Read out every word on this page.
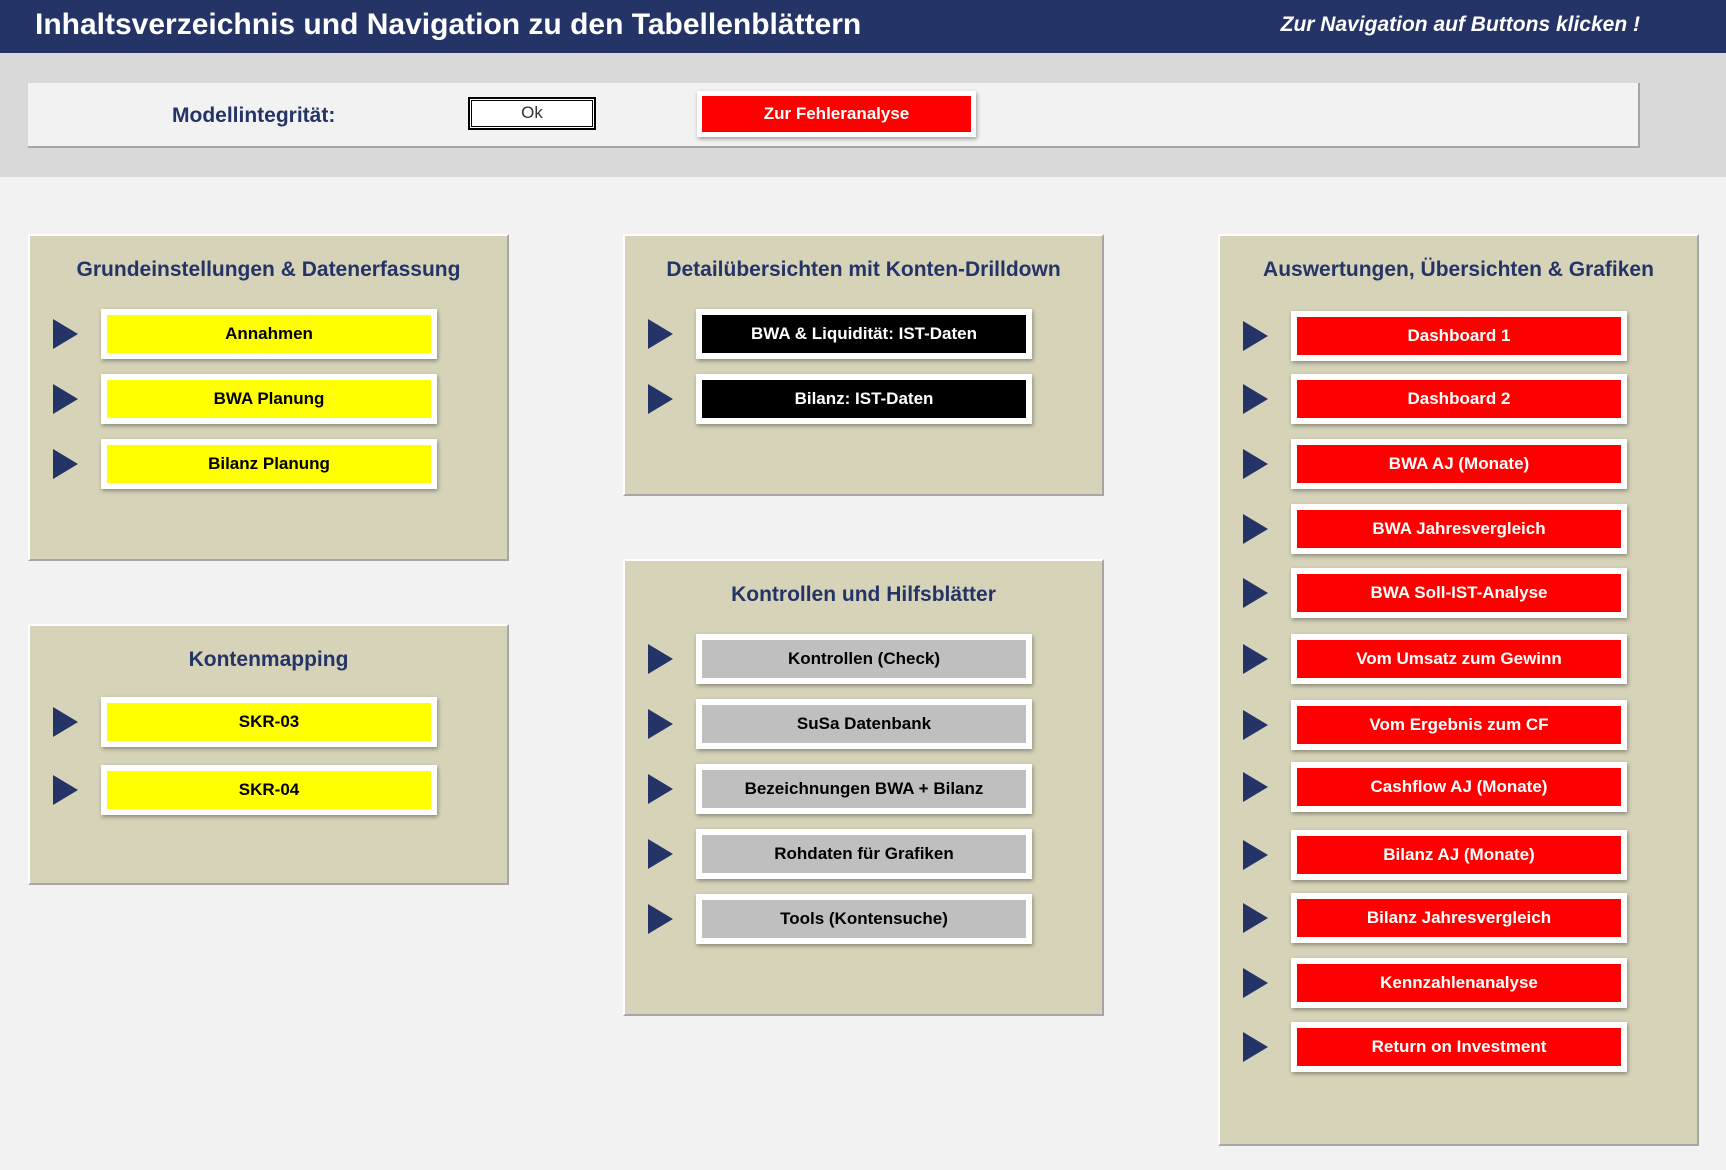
Inhaltsverzeichnis und Navigation zu den Tabellenblättern	Zur Navigation auf Buttons klicken !
Modellintegrität:	Ok	Zur Fehleranalyse
Grundeinstellungen & Datenerfassung
Annahmen
BWA Planung
Bilanz Planung
Kontenmapping
SKR-03
SKR-04
Detailübersichten mit Konten-Drilldown
BWA & Liquidität: IST-Daten
Bilanz: IST-Daten
Kontrollen und Hilfsblätter
Kontrollen (Check)
SuSa Datenbank
Bezeichnungen BWA + Bilanz
Rohdaten für Grafiken
Tools (Kontensuche)
Auswertungen, Übersichten & Grafiken
Dashboard 1
Dashboard 2
BWA AJ (Monate)
BWA Jahresvergleich
BWA Soll-IST-Analyse
Vom Umsatz zum Gewinn
Vom Ergebnis zum CF
Cashflow AJ (Monate)
Bilanz AJ (Monate)
Bilanz Jahresvergleich
Kennzahlenanalyse
Return on Investment
